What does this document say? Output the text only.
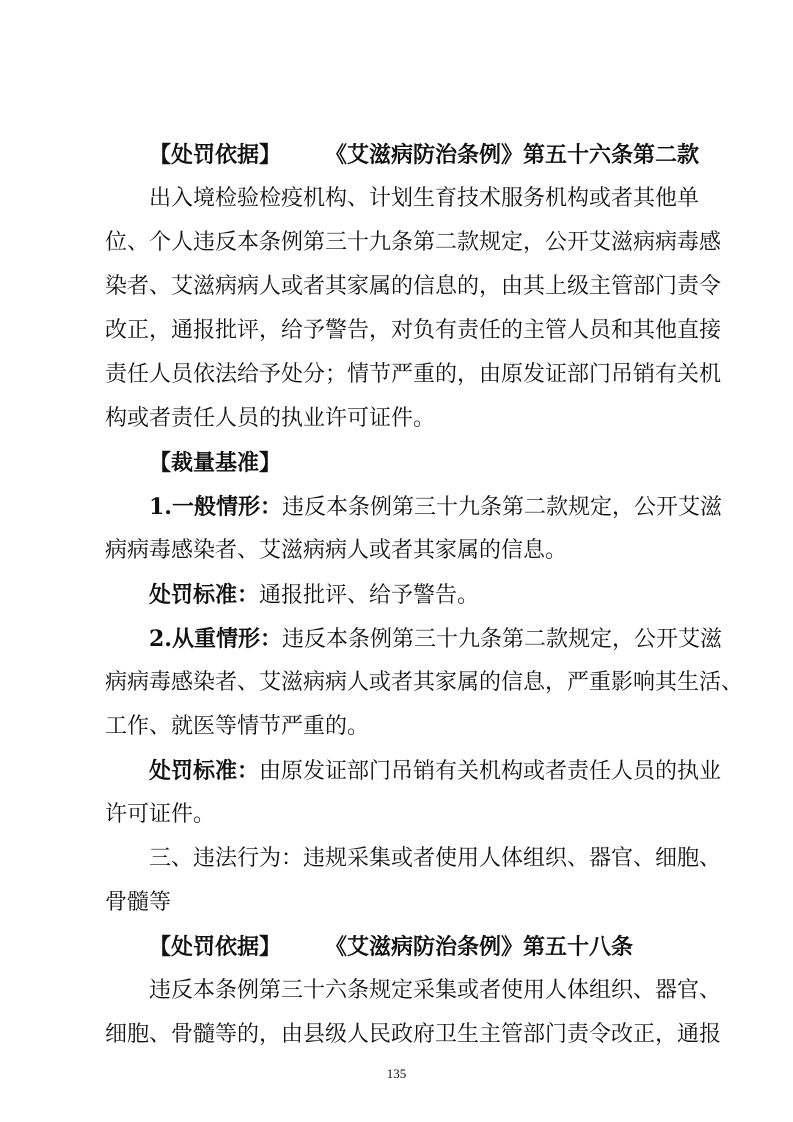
【处罚依据】 《艾滋病防治条例》第五十六条第二款
出入境检验检疫机构、计划生育技术服务机构或者其他单
位、个人违反本条例第三十九条第二款规定，公开艾滋病病毒感
染者、艾滋病病人或者其家属的信息的，由其上级主管部门责令
改正，通报批评，给予警告，对负有责任的主管人员和其他直接
责任人员依法给予处分；情节严重的，由原发证部门吊销有关机
构或者责任人员的执业许可证件。
【裁量基准】
1.一般情形：违反本条例第三十九条第二款规定，公开艾滋
病病毒感染者、艾滋病病人或者其家属的信息。
处罚标准：通报批评、给予警告。
2.从重情形：违反本条例第三十九条第二款规定，公开艾滋
病病毒感染者、艾滋病病人或者其家属的信息，严重影响其生活、
工作、就医等情节严重的。
处罚标准：由原发证部门吊销有关机构或者责任人员的执业
许可证件。
三、违法行为：违规采集或者使用人体组织、器官、细胞、
骨髓等
【处罚依据】 《艾滋病防治条例》第五十八条
违反本条例第三十六条规定采集或者使用人体组织、器官、
细胞、骨髓等的，由县级人民政府卫生主管部门责令改正，通报
135
